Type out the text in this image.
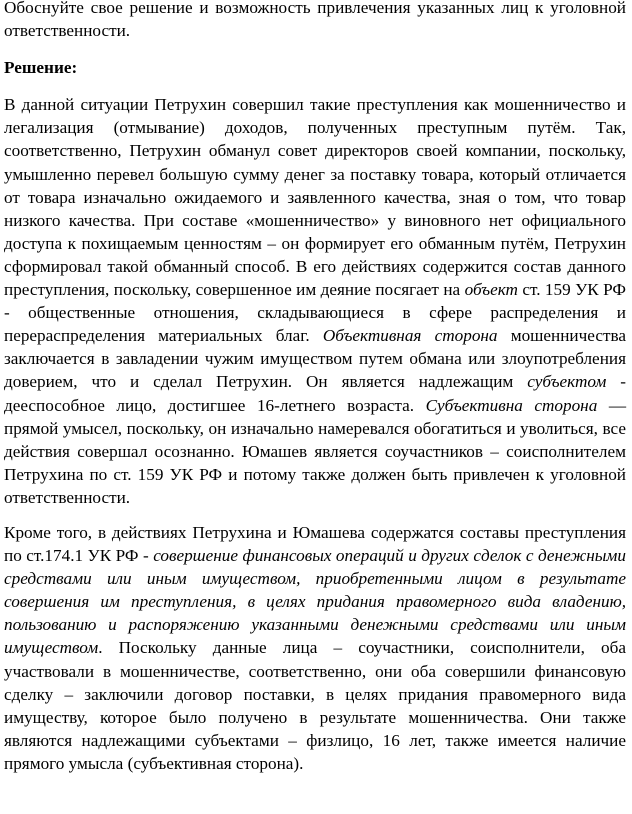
Обоснуйте свое решение и возможность привлечения указанных лиц к уголовной ответственности.

Решение:

В данной ситуации Петрухин совершил такие преступления как мошенничество и легализация (отмывание) доходов, полученных преступным путём. Так, соответственно, Петрухин обманул совет директоров своей компании, поскольку, умышленно перевел большую сумму денег за поставку товара, который отличается от товара изначально ожидаемого и заявленного качества, зная о том, что товар низкого качества. При составе «мошенничество» у виновного нет официального доступа к похищаемым ценностям – он формирует его обманным путём, Петрухин сформировал такой обманный способ. В его действиях содержится состав данного преступления, поскольку, совершенное им деяние посягает на объект ст. 159 УК РФ - общественные отношения, складывающиеся в сфере распределения и перераспределения материальных благ. Объективная сторона мошенничества заключается в завладении чужим имуществом путем обмана или злоупотребления доверием, что и сделал Петрухин. Он является надлежащим субъектом - дееспособное лицо, достигшее 16-летнего возраста. Субъективна сторона — прямой умысел, поскольку, он изначально намеревался обогатиться и уволиться, все действия совершал осознанно. Юмашев является соучастников – соисполнителем Петрухина по ст. 159 УК РФ и потому также должен быть привлечен к уголовной ответственности.

Кроме того, в действиях Петрухина и Юмашева содержатся составы преступления по ст.174.1 УК РФ - совершение финансовых операций и других сделок с денежными средствами или иным имуществом, приобретенными лицом в результате совершения им преступления, в целях придания правомерного вида владению, пользованию и распоряжению указанными денежными средствами или иным имуществом. Поскольку данные лица – соучастники, соисполнители, оба участвовали в мошенничестве, соответственно, они оба совершили финансовую сделку – заключили договор поставки, в целях придания правомерного вида имуществу, которое было получено в результате мошенничества. Они также являются надлежащими субъектами – физлицо, 16 лет, также имеется наличие прямого умысла (субъективная сторона).
